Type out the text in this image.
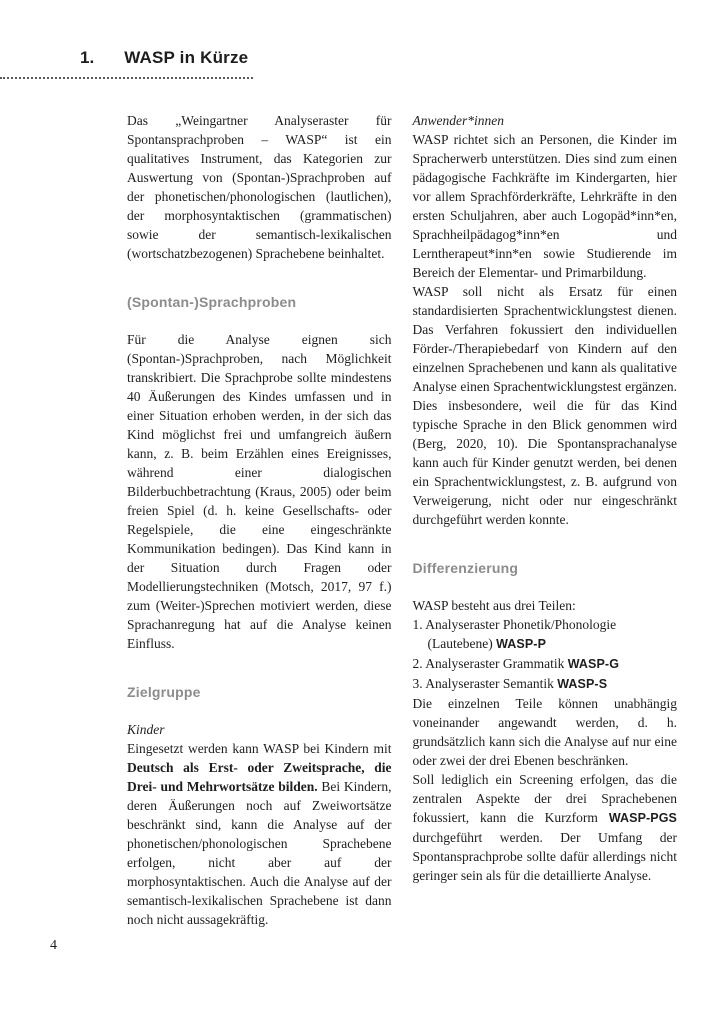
1. WASP in Kürze

Das „Weingartner Analyseraster für Spontansprachproben – WASP“ ist ein qualitatives Instrument, das Kategorien zur Auswertung von (Spontan-)Sprachproben auf der phonetischen/phonologischen (lautlichen), der morphosyntaktischen (grammatischen) sowie der semantisch-lexikalischen (wortschatzbezogenen) Sprachebene beinhaltet.

(Spontan-)Sprachproben

Für die Analyse eignen sich (Spontan-)Sprachproben, nach Möglichkeit transkribiert. Die Sprachprobe sollte mindestens 40 Äußerungen des Kindes umfassen und in einer Situation erhoben werden, in der sich das Kind möglichst frei und umfangreich äußern kann, z. B. beim Erzählen eines Ereignisses, während einer dialogischen Bilderbuchbetrachtung (Kraus, 2005) oder beim freien Spiel (d. h. keine Gesellschafts- oder Regelspiele, die eine eingeschränkte Kommunikation bedingen). Das Kind kann in der Situation durch Fragen oder Modellierungstechniken (Motsch, 2017, 97 f.) zum (Weiter-)Sprechen motiviert werden, diese Sprachanregung hat auf die Analyse keinen Einfluss.

Zielgruppe

Kinder

Eingesetzt werden kann WASP bei Kindern mit Deutsch als Erst- oder Zweitsprache, die Drei- und Mehrwortsätze bilden. Bei Kindern, deren Äußerungen noch auf Zweiwortsätze beschränkt sind, kann die Analyse auf der phonetischen/phonologischen Sprachebene erfolgen, nicht aber auf der morphosyntaktischen. Auch die Analyse auf der semantisch-lexikalischen Sprachebene ist dann noch nicht aussagekräftig.

Anwender*innen

WASP richtet sich an Personen, die Kinder im Spracherwerb unterstützen. Dies sind zum einen pädagogische Fachkräfte im Kindergarten, hier vor allem Sprachförderkräfte, Lehrkräfte in den ersten Schuljahren, aber auch Logopäd*inn*en, Sprachheilpädagog*inn*en und Lerntherapeut*inn*en sowie Studierende im Bereich der Elementar- und Primarbildung.

WASP soll nicht als Ersatz für einen standardisierten Sprachentwicklungstest dienen. Das Verfahren fokussiert den individuellen Förder-/Therapiebedarf von Kindern auf den einzelnen Sprachebenen und kann als qualitative Analyse einen Sprachentwicklungstest ergänzen. Dies insbesondere, weil die für das Kind typische Sprache in den Blick genommen wird (Berg, 2020, 10). Die Spontansprachanalyse kann auch für Kinder genutzt werden, bei denen ein Sprachentwicklungstest, z. B. aufgrund von Verweigerung, nicht oder nur eingeschränkt durchgeführt werden konnte.

Differenzierung

WASP besteht aus drei Teilen:

1. Analyseraster Phonetik/Phonologie (Lautebene) WASP-P
2. Analyseraster Grammatik WASP-G
3. Analyseraster Semantik WASP-S

Die einzelnen Teile können unabhängig voneinander angewandt werden, d. h. grundsätzlich kann sich die Analyse auf nur eine oder zwei der drei Ebenen beschränken.

Soll lediglich ein Screening erfolgen, das die zentralen Aspekte der drei Sprachebenen fokussiert, kann die Kurzform WASP-PGS durchgeführt werden. Der Umfang der Spontansprachprobe sollte dafür allerdings nicht geringer sein als für die detaillierte Analyse.

4
